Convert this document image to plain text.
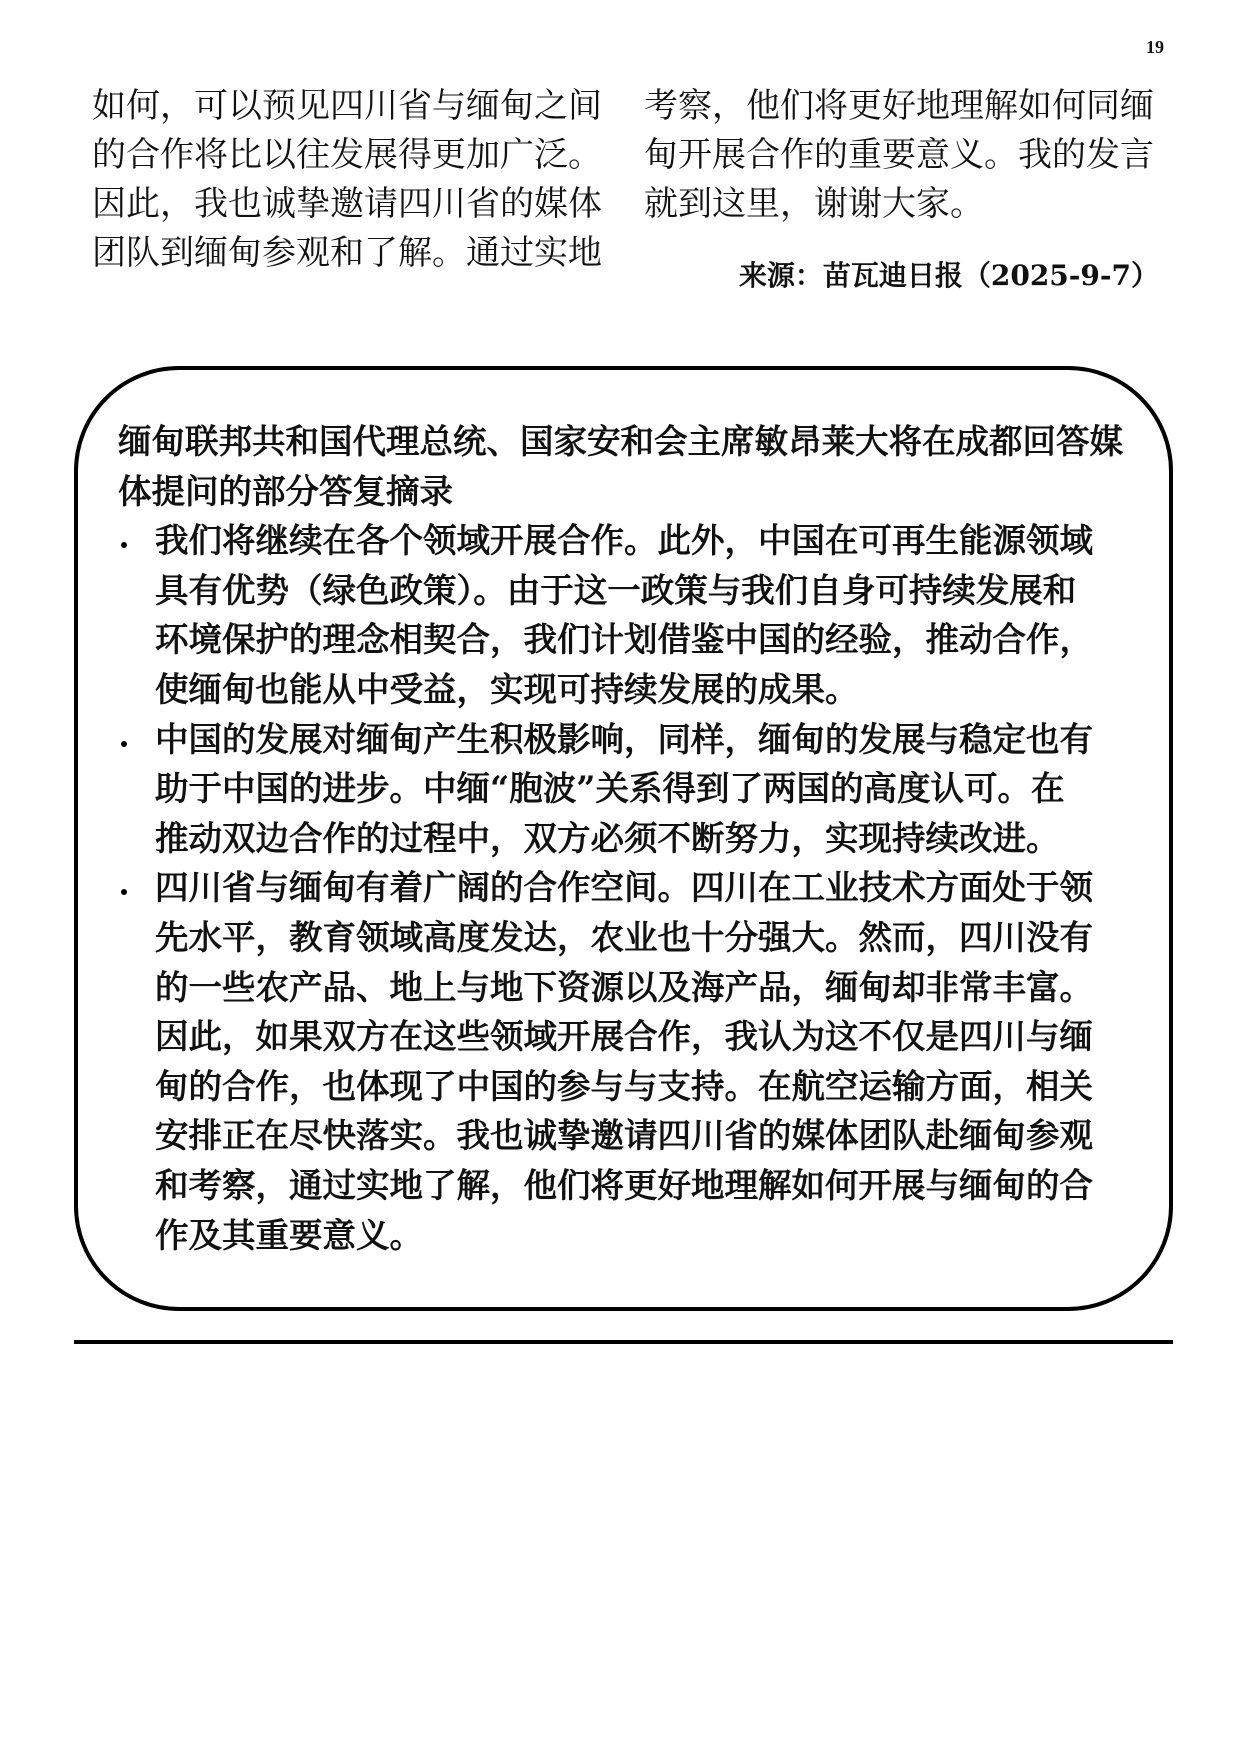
19
如何，可以预见四川省与缅甸之间
的合作将比以往发展得更加广泛。
因此，我也诚挚邀请四川省的媒体
团队到缅甸参观和了解。通过实地
考察，他们将更好地理解如何同缅
甸开展合作的重要意义。我的发言
就到这里，谢谢大家。
来源：苗瓦迪日报（2025-9-7）
缅甸联邦共和国代理总统、国家安和会主席敏昂莱大将在成都回答媒
体提问的部分答复摘录
我们将继续在各个领域开展合作。此外，中国在可再生能源领域
具有优势（绿色政策）。由于这一政策与我们自身可持续发展和
环境保护的理念相契合，我们计划借鉴中国的经验，推动合作，
使缅甸也能从中受益，实现可持续发展的成果。
中国的发展对缅甸产生积极影响，同样，缅甸的发展与稳定也有
助于中国的进步。中缅“胞波”关系得到了两国的高度认可。在
推动双边合作的过程中，双方必须不断努力，实现持续改进。
四川省与缅甸有着广阔的合作空间。四川在工业技术方面处于领
先水平，教育领域高度发达，农业也十分强大。然而，四川没有
的一些农产品、地上与地下资源以及海产品，缅甸却非常丰富。
因此，如果双方在这些领域开展合作，我认为这不仅是四川与缅
甸的合作，也体现了中国的参与与支持。在航空运输方面，相关
安排正在尽快落实。我也诚挚邀请四川省的媒体团队赴缅甸参观
和考察，通过实地了解，他们将更好地理解如何开展与缅甸的合
作及其重要意义。
